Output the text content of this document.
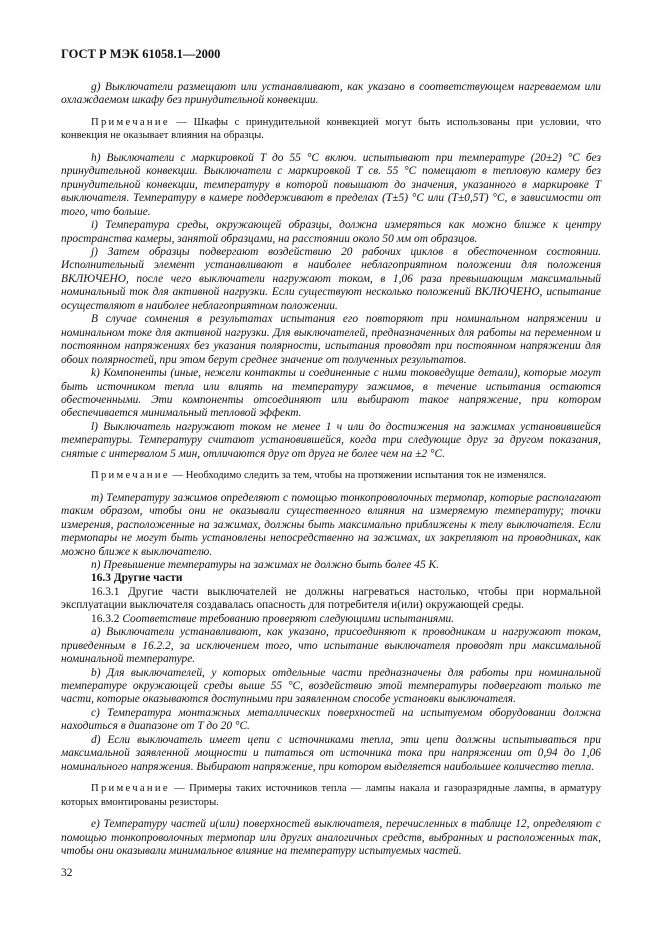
ГОСТ Р МЭК 61058.1—2000

g) Выключатели размещают или устанавливают, как указано в соответствующем нагреваемом или охлаждаемом шкафу без принудительной конвекции.

Примечание — Шкафы с принудительной конвекцией могут быть использованы при условии, что конвекция не оказывает влияния на образцы.

h) Выключатели с маркировкой T до 55 °C включ. испытывают при температуре (20±2) °C без принудительной конвекции. Выключатели с маркировкой T св. 55 °C помещают в тепловую камеру без принудительной конвекции, температуру в которой повышают до значения, указанного в маркировке T выключателя. Температуру в камере поддерживают в пределах (T±5) °C или (T±0,5T) °C, в зависимости от того, что больше.

i) Температура среды, окружающей образцы, должна измеряться как можно ближе к центру пространства камеры, занятой образцами, на расстоянии около 50 мм от образцов.

j) Затем образцы подвергают воздействию 20 рабочих циклов в обесточенном состоянии. Исполнительный элемент устанавливают в наиболее неблагоприятном положении для положения ВКЛЮЧЕНО, после чего выключатели нагружают током, в 1,06 раза превышающим максимальный номинальный ток для активной нагрузки. Если существуют несколько положений ВКЛЮЧЕНО, испытание осуществляют в наиболее неблагоприятном положении.

В случае сомнения в результатах испытания его повторяют при номинальном напряжении и номинальном токе для активной нагрузки. Для выключателей, предназначенных для работы на переменном и постоянном напряжениях без указания полярности, испытания проводят при постоянном напряжении для обоих полярностей, при этом берут среднее значение от полученных результатов.

k) Компоненты (иные, нежели контакты и соединенные с ними токоведущие детали), которые могут быть источником тепла или влиять на температуру зажимов, в течение испытания остаются обесточенными. Эти компоненты отсоединяют или выбирают такое напряжение, при котором обеспечивается минимальный тепловой эффект.

l) Выключатель нагружают током не менее 1 ч или до достижения на зажимах установившейся температуры. Температуру считают установившейся, когда три следующие друг за другом показания, снятые с интервалом 5 мин, отличаются друг от друга не более чем на ±2 °C.

Примечание — Необходимо следить за тем, чтобы на протяжении испытания ток не изменялся.

m) Температуру зажимов определяют с помощью тонкопроволочных термопар, которые располагают таким образом, чтобы они не оказывали существенного влияния на измеряемую температуру; точки измерения, расположенные на зажимах, должны быть максимально приближены к телу выключателя. Если термопары не могут быть установлены непосредственно на зажимах, их закрепляют на проводниках, как можно ближе к выключателю.

n) Превышение температуры на зажимах не должно быть более 45 K.

16.3 Другие части

16.3.1 Другие части выключателей не должны нагреваться настолько, чтобы при нормальной эксплуатации выключателя создавалась опасность для потребителя и(или) окружающей среды.

16.3.2 Соответствие требованию проверяют следующими испытаниями.

a) Выключатели устанавливают, как указано, присоединяют к проводникам и нагружают током, приведенным в 16.2.2, за исключением того, что испытание выключателя проводят при максимальной номинальной температуре.

b) Для выключателей, у которых отдельные части предназначены для работы при номинальной температуре окружающей среды выше 55 °C, воздействию этой температуры подвергают только те части, которые оказываются доступными при заявленном способе установки выключателя.

c) Температура монтажных металлических поверхностей на испытуемом оборудовании должна находиться в диапазоне от T до 20 °C.

d) Если выключатель имеет цепи с источниками тепла, эти цепи должны испытываться при максимальной заявленной мощности и питаться от источника тока при напряжении от 0,94 до 1,06 номинального напряжения. Выбирают напряжение, при котором выделяется наибольшее количество тепла.

Примечание — Примеры таких источников тепла — лампы накала и газоразрядные лампы, в арматуру которых вмонтированы резисторы.

e) Температуру частей и(или) поверхностей выключателя, перечисленных в таблице 12, определяют с помощью тонкопроволочных термопар или других аналогичных средств, выбранных и расположенных так, чтобы они оказывали минимальное влияние на температуру испытуемых частей.

32
